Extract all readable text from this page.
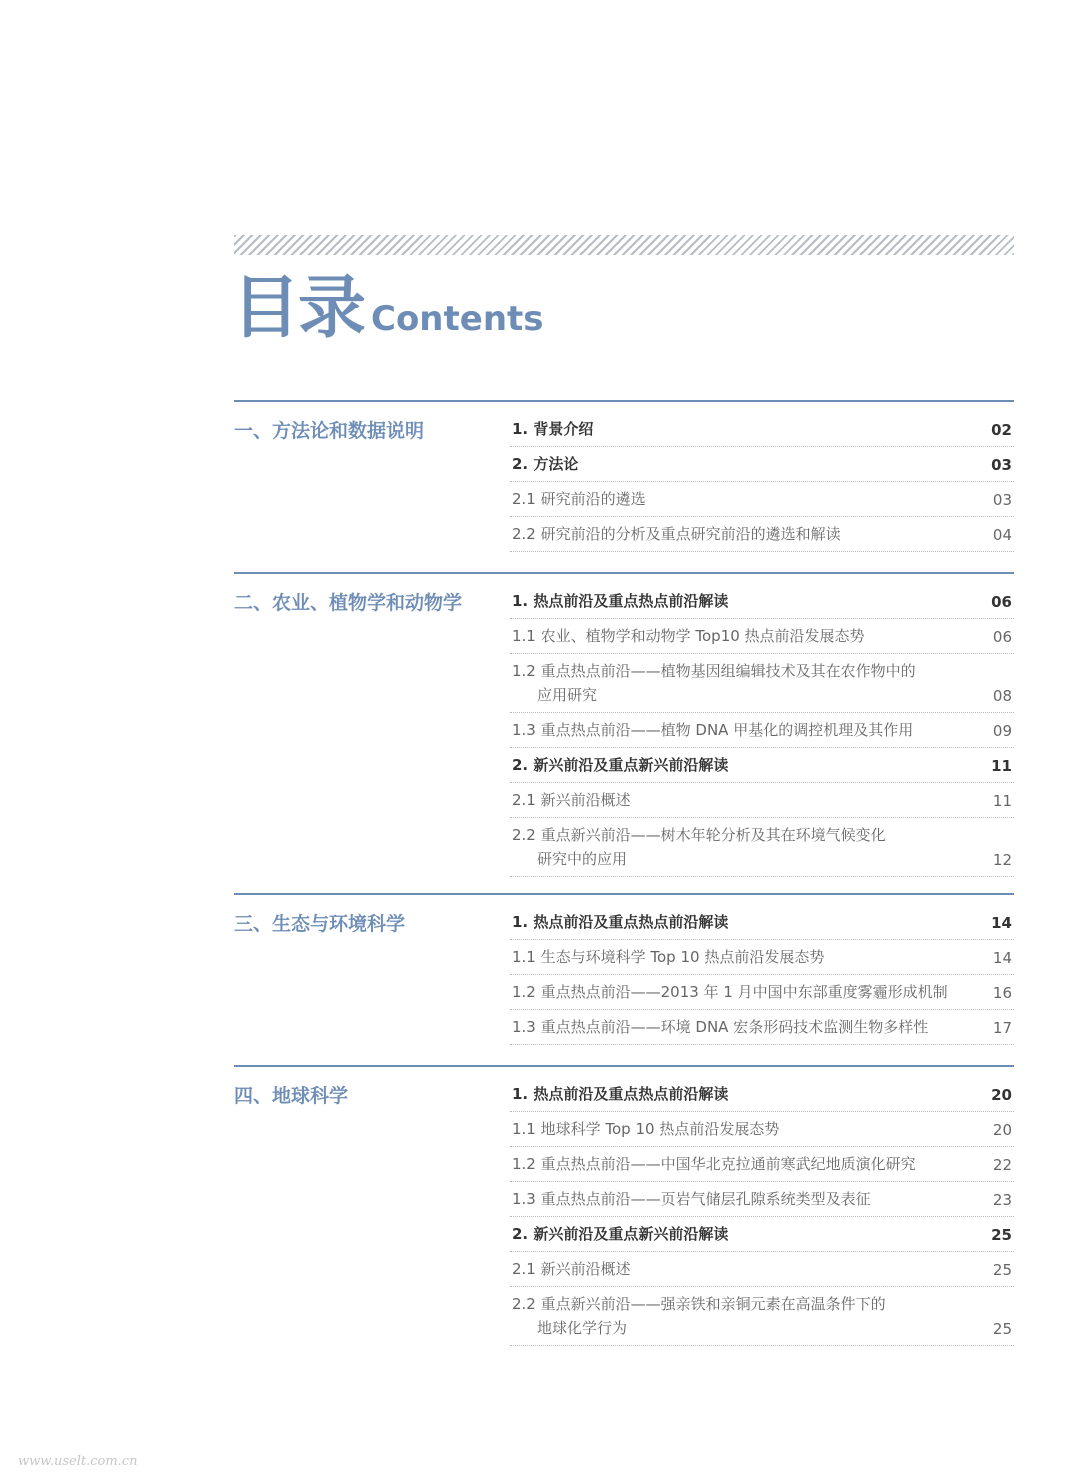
目录 Contents
一、方法论和数据说明	1. 背景介绍	02
2. 方法论	03
2.1 研究前沿的遴选	03
2.2 研究前沿的分析及重点研究前沿的遴选和解读	04
二、农业、植物学和动物学	1. 热点前沿及重点热点前沿解读	06
1.1 农业、植物学和动物学 Top10 热点前沿发展态势	06
1.2 重点热点前沿——植物基因组编辑技术及其在农作物中的
应用研究	08
1.3 重点热点前沿——植物 DNA 甲基化的调控机理及其作用	09
2. 新兴前沿及重点新兴前沿解读	11
2.1 新兴前沿概述	11
2.2 重点新兴前沿——树木年轮分析及其在环境气候变化
研究中的应用	12
三、生态与环境科学	1. 热点前沿及重点热点前沿解读	14
1.1 生态与环境科学 Top 10 热点前沿发展态势	14
1.2 重点热点前沿——2013 年 1 月中国中东部重度雾霾形成机制	16
1.3 重点热点前沿——环境 DNA 宏条形码技术监测生物多样性	17
四、地球科学	1. 热点前沿及重点热点前沿解读	20
1.1 地球科学 Top 10 热点前沿发展态势	20
1.2 重点热点前沿——中国华北克拉通前寒武纪地质演化研究	22
1.3 重点热点前沿——页岩气储层孔隙系统类型及表征	23
2. 新兴前沿及重点新兴前沿解读	25
2.1 新兴前沿概述	25
2.2 重点新兴前沿——强亲铁和亲铜元素在高温条件下的
地球化学行为	25
www.uselt.com.cn
